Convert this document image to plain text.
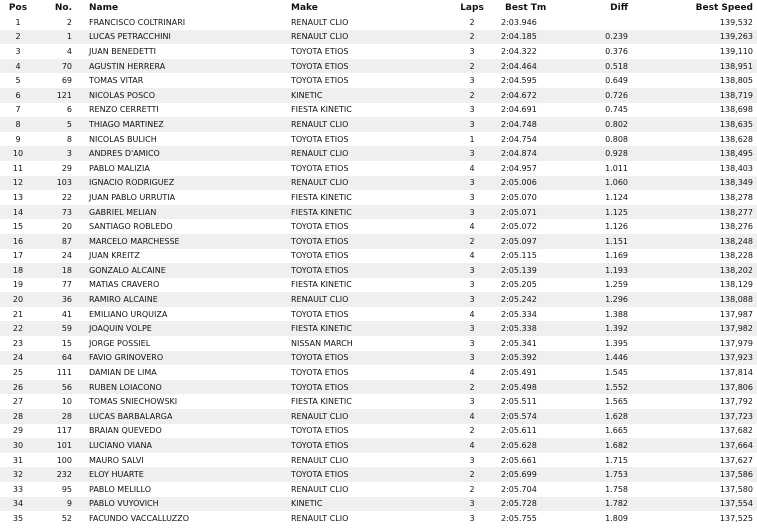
Pos	No.	Name	Make	Laps	Best Tm	Diff	Best Speed
1	2	FRANCISCO COLTRINARI	RENAULT CLIO	2	2:03.946		139,532
2	1	LUCAS PETRACCHINI	RENAULT CLIO	2	2:04.185	0.239	139,263
3	4	JUAN BENEDETTI	TOYOTA ETIOS	3	2:04.322	0.376	139,110
4	70	AGUSTIN HERRERA	TOYOTA ETIOS	2	2:04.464	0.518	138,951
5	69	TOMAS VITAR	TOYOTA ETIOS	3	2:04.595	0.649	138,805
6	121	NICOLAS POSCO	KINETIC	2	2:04.672	0.726	138,719
7	6	RENZO CERRETTI	FIESTA KINETIC	3	2:04.691	0.745	138,698
8	5	THIAGO MARTINEZ	RENAULT CLIO	3	2:04.748	0.802	138,635
9	8	NICOLAS BULICH	TOYOTA ETIOS	1	2:04.754	0.808	138,628
10	3	ANDRES D'AMICO	RENAULT CLIO	3	2:04.874	0.928	138,495
11	29	PABLO MALIZIA	TOYOTA ETIOS	4	2:04.957	1.011	138,403
12	103	IGNACIO RODRIGUEZ	RENAULT CLIO	3	2:05.006	1.060	138,349
13	22	JUAN PABLO URRUTIA	FIESTA KINETIC	3	2:05.070	1.124	138,278
14	73	GABRIEL MELIAN	FIESTA KINETIC	3	2:05.071	1.125	138,277
15	20	SANTIAGO ROBLEDO	TOYOTA ETIOS	4	2:05.072	1.126	138,276
16	87	MARCELO MARCHESSE	TOYOTA ETIOS	2	2:05.097	1.151	138,248
17	24	JUAN KREITZ	TOYOTA ETIOS	4	2:05.115	1.169	138,228
18	18	GONZALO ALCAINE	TOYOTA ETIOS	3	2:05.139	1.193	138,202
19	77	MATIAS CRAVERO	FIESTA KINETIC	3	2:05.205	1.259	138,129
20	36	RAMIRO ALCAINE	RENAULT CLIO	3	2:05.242	1.296	138,088
21	41	EMILIANO URQUIZA	TOYOTA ETIOS	4	2:05.334	1.388	137,987
22	59	JOAQUIN VOLPE	FIESTA KINETIC	3	2:05.338	1.392	137,982
23	15	JORGE POSSIEL	NISSAN MARCH	3	2:05.341	1.395	137,979
24	64	FAVIO GRINOVERO	TOYOTA ETIOS	3	2:05.392	1.446	137,923
25	111	DAMIAN DE LIMA	TOYOTA ETIOS	4	2:05.491	1.545	137,814
26	56	RUBEN LOIACONO	TOYOTA ETIOS	2	2:05.498	1.552	137,806
27	10	TOMAS SNIECHOWSKI	FIESTA KINETIC	3	2:05.511	1.565	137,792
28	28	LUCAS BARBALARGA	RENAULT CLIO	4	2:05.574	1.628	137,723
29	117	BRAIAN QUEVEDO	TOYOTA ETIOS	2	2:05.611	1.665	137,682
30	101	LUCIANO VIANA	TOYOTA ETIOS	4	2:05.628	1.682	137,664
31	100	MAURO SALVI	RENAULT CLIO	3	2:05.661	1.715	137,627
32	232	ELOY HUARTE	TOYOTA ETIOS	2	2:05.699	1.753	137,586
33	95	PABLO MELILLO	RENAULT CLIO	2	2:05.704	1.758	137,580
34	9	PABLO VUYOVICH	KINETIC	3	2:05.728	1.782	137,554
35	52	FACUNDO VACCALLUZZO	RENAULT CLIO	3	2:05.755	1.809	137,525
